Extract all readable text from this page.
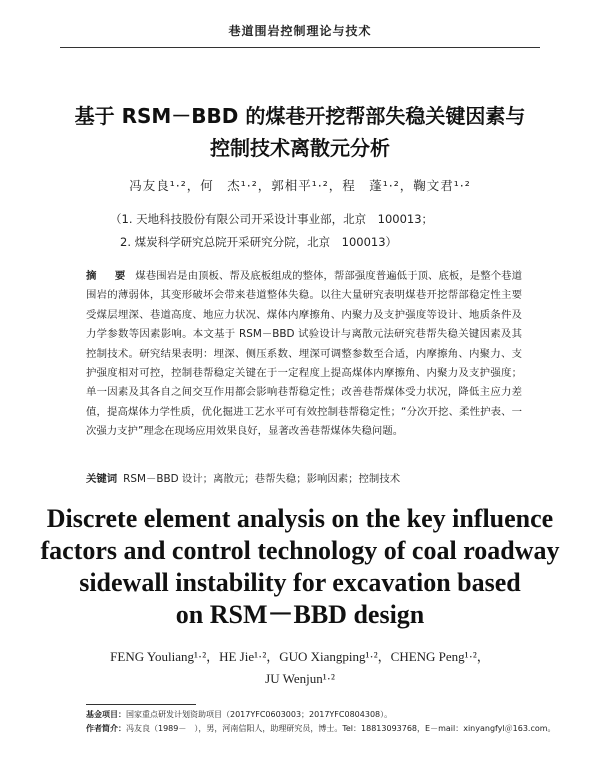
巷道围岩控制理论与技术
基于 RSM－BBD 的煤巷开挖帮部失稳关键因素与
控制技术离散元分析
冯友良¹·²，何　杰¹·²，郭相平¹·²，程　蓬¹·²，鞠文君¹·²
（1. 天地科技股份有限公司开采设计事业部，北京　100013；
2. 煤炭科学研究总院开采研究分院，北京　100013）
摘　要 煤巷围岩是由顶板、帮及底板组成的整体，帮部强度普遍低于顶、底板，是整个巷道围岩的薄弱体，其变形破坏会带来巷道整体失稳。以往大量研究表明煤巷开挖帮部稳定性主要受煤层埋深、巷道高度、地应力状况、煤体内摩擦角、内聚力及支护强度等设计、地质条件及力学参数等因素影响。本文基于 RSM－BBD 试验设计与离散元法研究巷帮失稳关键因素及其控制技术。研究结果表明：埋深、侧压系数、埋深可调整参数至合适，内摩擦角、内聚力、支护强度相对可控，控制巷帮稳定关键在于一定程度上提高煤体内摩擦角、内聚力及支护强度；单一因素及其各自之间交互作用都会影响巷帮稳定性；改善巷帮煤体受力状况，降低主应力差值，提高煤体力学性质，优化掘进工艺水平可有效控制巷帮稳定性；“分次开挖、柔性护表、一次强力支护”理念在现场应用效果良好，显著改善巷帮煤体失稳问题。
关键词 RSM－BBD 设计；离散元；巷帮失稳；影响因素；控制技术
Discrete element analysis on the key influence
factors and control technology of coal roadway
sidewall instability for excavation based
on RSM－BBD design
FENG Youliang¹·²，HE Jie¹·²，GUO Xiangping¹·²，CHENG Peng¹·²，
JU Wenjun¹·²
基金项目：国家重点研发计划资助项目（2017YFC0603003；2017YFC0804308）。
作者简介：冯友良（1989－　），男，河南信阳人，助理研究员，博士。Tel：18813093768，E－mail：xinyangfyl＠163.com。
